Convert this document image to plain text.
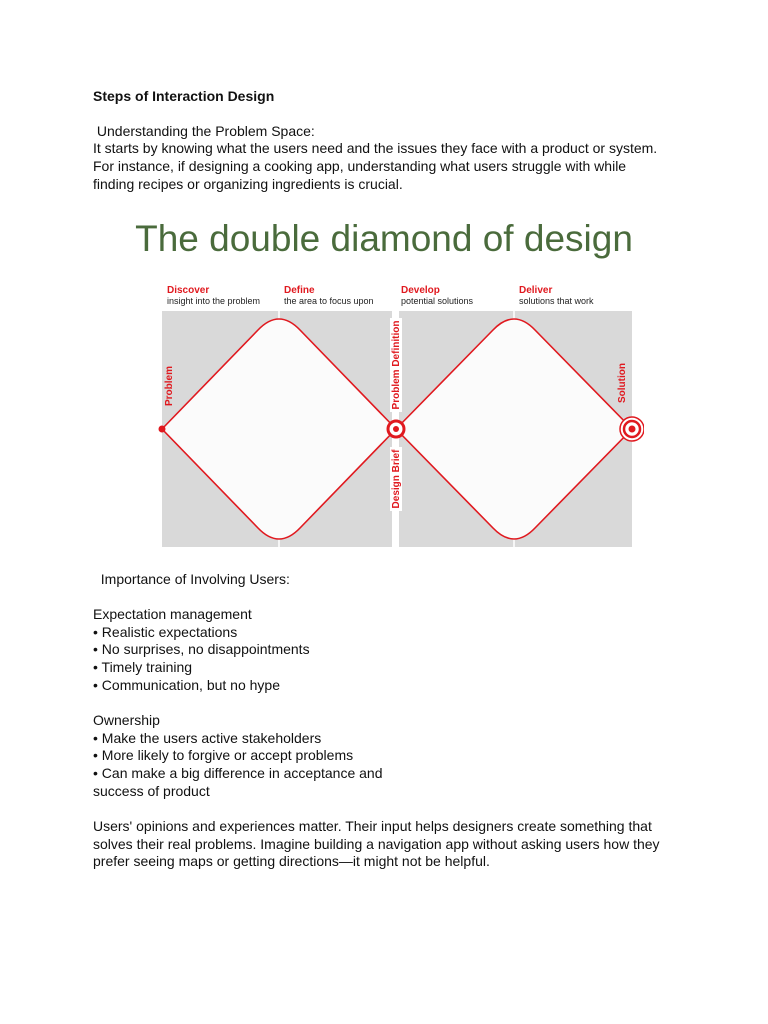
Steps of Interaction Design

Understanding the Problem Space:

It starts by knowing what the users need and the issues they face with a product or system.

For instance, if designing a cooking app, understanding what users struggle with while

finding recipes or organizing ingredients is crucial.

The double diamond of design
Discover
insight into the problem
Define
the area to focus upon
Develop
potential solutions
Deliver
solutions that work
Problem	Problem Definition
Design Brief
Solution

Importance of Involving Users:

Expectation management

• Realistic expectations

• No surprises, no disappointments

• Timely training

• Communication, but no hype

Ownership

• Make the users active stakeholders

• More likely to forgive or accept problems

• Can make a big difference in acceptance and

success of product

Users' opinions and experiences matter. Their input helps designers create something that

solves their real problems. Imagine building a navigation app without asking users how they

prefer seeing maps or getting directions—it might not be helpful.
